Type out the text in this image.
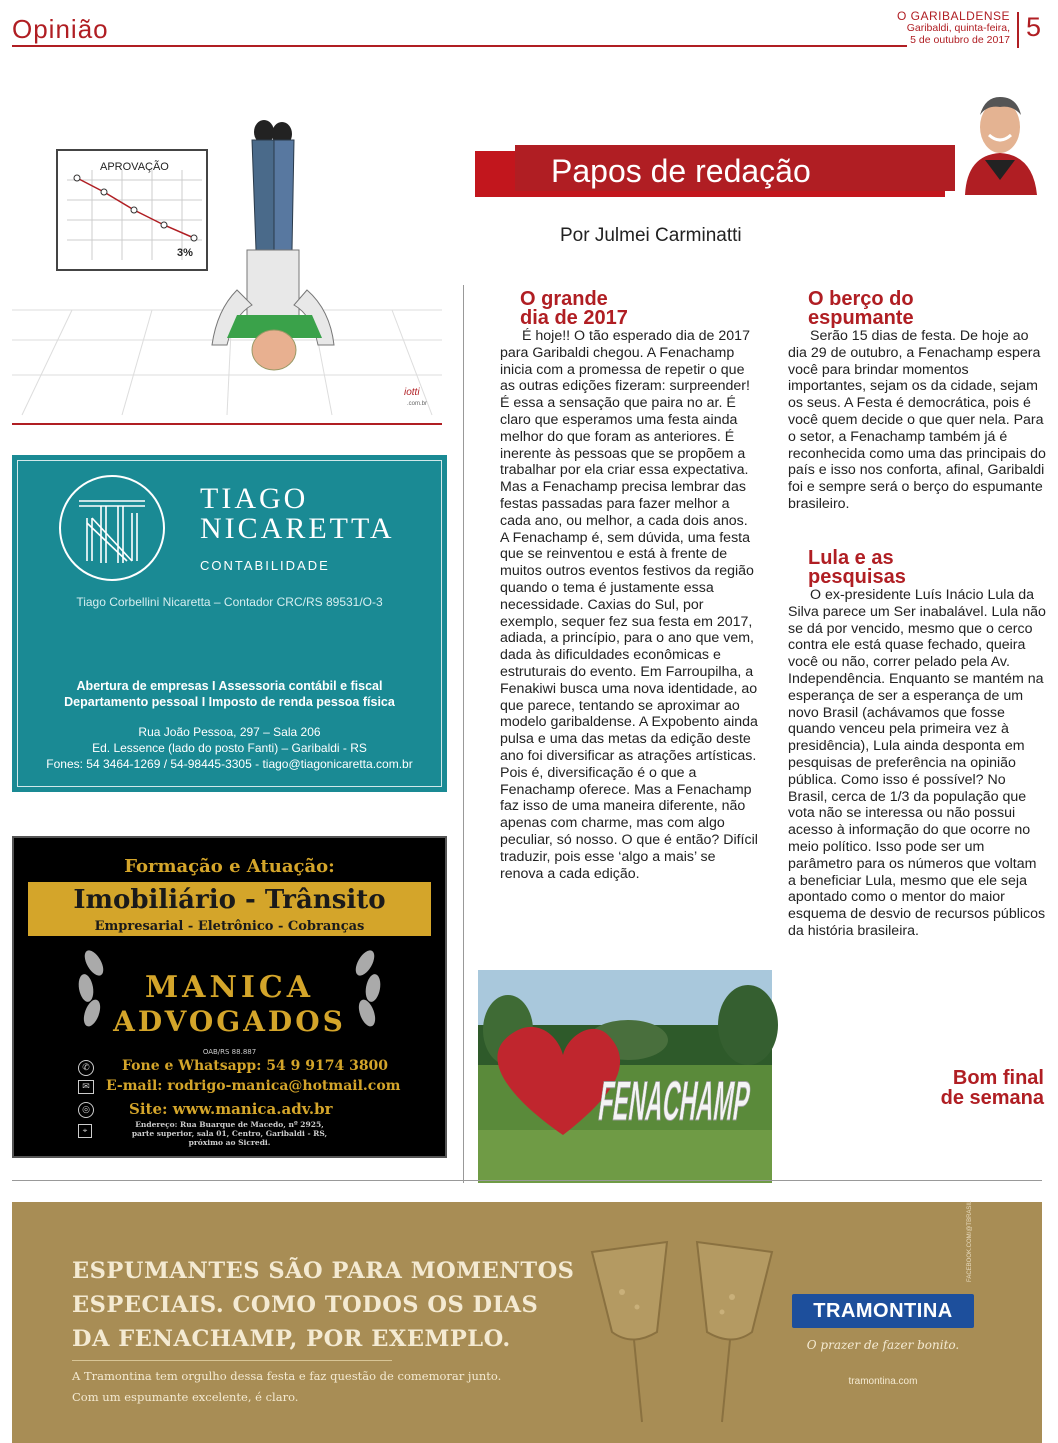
Opinião	O GARIBALDENSE
Garibaldi, quinta-feira,
5 de outubro de 2017 5
APROVAÇÃO
3%
iotti
.com.br
Papos de redação
Por Julmei Carminatti
O grande
dia de 2017
É hoje!! O tão esperado dia de 2017 para Garibaldi chegou. A Fenachamp inicia com a promessa de repetir o que as outras edições fizeram: surpreender! É essa a sensação que paira no ar. É claro que esperamos uma festa ainda melhor do que foram as anteriores. É inerente às pessoas que se propõem a trabalhar por ela criar essa expectativa. Mas a Fenachamp precisa lembrar das festas passadas para fazer melhor a cada ano, ou melhor, a cada dois anos. A Fenachamp é, sem dúvida, uma festa que se reinventou e está à frente de muitos outros eventos festivos da região quando o tema é justamente essa necessidade. Caxias do Sul, por exemplo, sequer fez sua festa em 2017, adiada, a princípio, para o ano que vem, dada às dificuldades econômicas e estruturais do evento. Em Farroupilha, a Fenakiwi busca uma nova identidade, ao que parece, tentando se aproximar ao modelo garibaldense. A Expobento ainda pulsa e uma das metas da edição deste ano foi diversificar as atrações artísticas. Pois é, diversificação é o que a Fenachamp oferece. Mas a Fenachamp faz isso de uma maneira diferente, não apenas com charme, mas com algo peculiar, só nosso. O que é então? Difícil traduzir, pois esse ‘algo a mais’ se renova a cada edição.
O berço do
espumante
Serão 15 dias de festa. De hoje ao dia 29 de outubro, a Fenachamp espera você para brindar momentos importantes, sejam os da cidade, sejam os seus. A Festa é democrática, pois é você quem decide o que quer nela. Para o setor, a Fenachamp também já é reconhecida como uma das principais do país e isso nos conforta, afinal, Garibaldi foi e sempre será o berço do espumante brasileiro.
Lula e as
pesquisas
O ex-presidente Luís Inácio Lula da Silva parece um Ser inabalável. Lula não se dá por vencido, mesmo que o cerco contra ele está quase fechado, queira você ou não, correr pelado pela Av. Independência. Enquanto se mantém na esperança de ser a esperança de um novo Brasil (achávamos que fosse quando venceu pela primeira vez à presidência), Lula ainda desponta em pesquisas de preferência na opinião pública. Como isso é possível? No Brasil, cerca de 1/3 da população que vota não se interessa ou não possui acesso à informação do que ocorre no meio político. Isso pode ser um parâmetro para os números que voltam a beneficiar Lula, mesmo que ele seja apontado como o mentor do maior esquema de desvio de recursos públicos da história brasileira.
FENACHAMP
Bom final
de semana
TIAGO
NICARETTA
CONTABILIDADE
Tiago Corbellini Nicaretta – Contador CRC/RS 89531/O-3
Abertura de empresas I Assessoria contábil e fiscal
Departamento pessoal I Imposto de renda pessoa física
Rua João Pessoa, 297 – Sala 206
Ed. Lessence (lado do posto Fanti) – Garibaldi - RS
Fones: 54 3464-1269 / 54-98445-3305 - tiago@tiagonicaretta.com.br
Formação e Atuação:
Imobiliário - Trânsito
Empresarial - Eletrônico - Cobranças
MANICA
ADVOGADOS
OAB/RS 88.887
✆
✉
◎
⌖
Fone e Whatsapp: 54 9 9174 3800
E-mail: rodrigo-manica@hotmail.com
Site: www.manica.adv.br
Endereço: Rua Buarque de Macedo, nº 2925,
parte superior, sala 01, Centro, Garibaldi - RS,
próximo ao Sicredi.
ESPUMANTES SÃO PARA MOMENTOS
ESPECIAIS. COMO TODOS OS DIAS
DA FENACHAMP, POR EXEMPLO.
A Tramontina tem orgulho dessa festa e faz questão de comemorar junto.
Com um espumante excelente, é claro.
TRAMONTINA
O prazer de fazer bonito.
tramontina.com
FACEBOOK.COM/@TBRASIL
